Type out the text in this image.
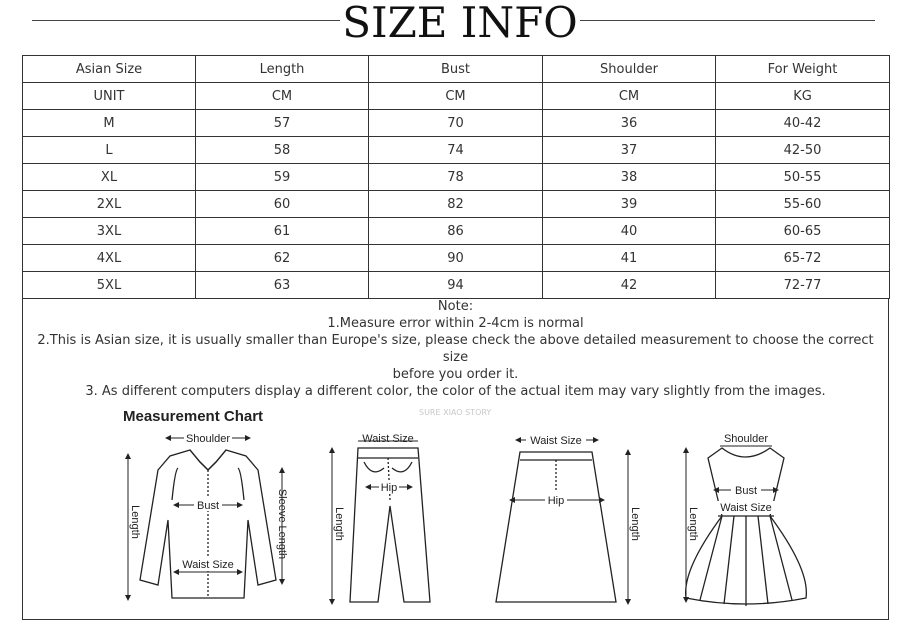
SIZE INFO
Asian Size	Length	Bust	Shoulder	For Weight
UNIT	CM	CM	CM	KG
M	57	70	36	40-42
L	58	74	37	42-50
XL	59	78	38	50-55
2XL	60	82	39	55-60
3XL	61	86	40	60-65
4XL	62	90	41	65-72
5XL	63	94	42	72-77
Note:
1.Measure error within 2-4cm is normal
2.This is Asian size, it is usually smaller than Europe's size, please check the above detailed measurement to choose the correct size
before you order it.
3. As different computers display a different color, the color of the actual item may vary slightly from the images.
Measurement Chart	SURE XIAO STORY
Shoulder
Bust
Waist Size
Length	Sleeve Length
Waist Size
Hip
Length
Waist Size
Hip
Length
Shoulder
Bust
Waist Size
Length
